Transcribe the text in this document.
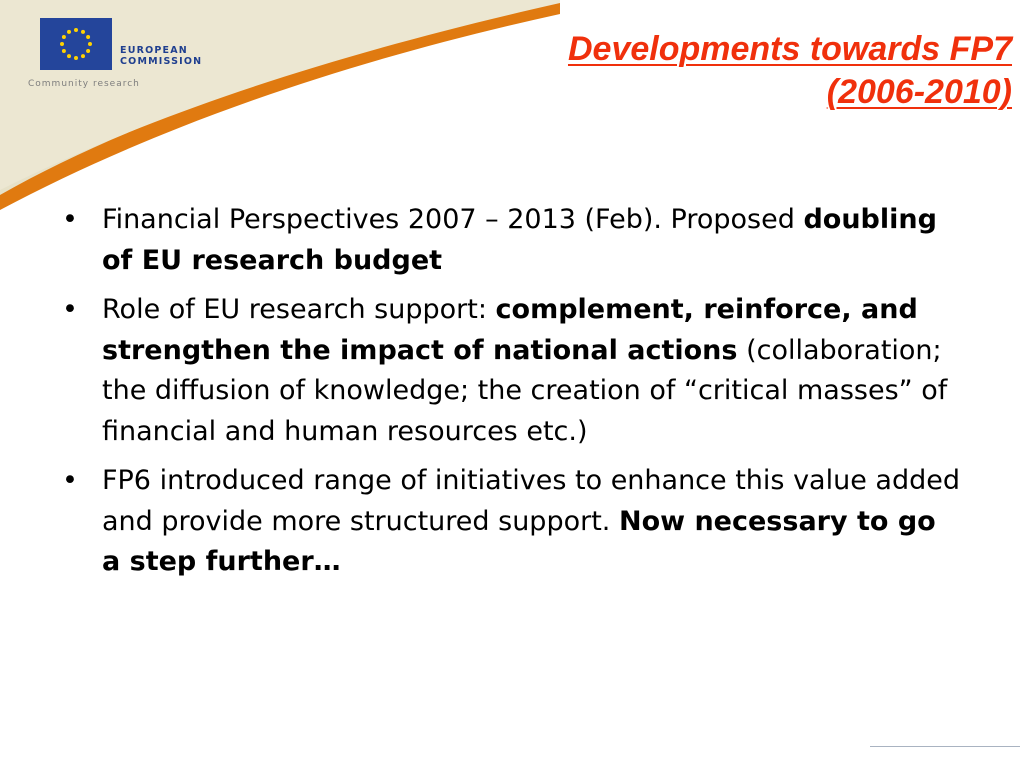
EUROPEAN
COMMISSION
Community research
Developments towards FP7
(2006-2010)
• Financial Perspectives 2007 – 2013 (Feb). Proposed doubling of EU research budget
• Role of EU research support: complement, reinforce, and strengthen the impact of national actions (collaboration; the diffusion of knowledge; the creation of “critical masses” of financial and human resources etc.)
• FP6 introduced range of initiatives to enhance this value added and provide more structured support. Now necessary to go a step further…
